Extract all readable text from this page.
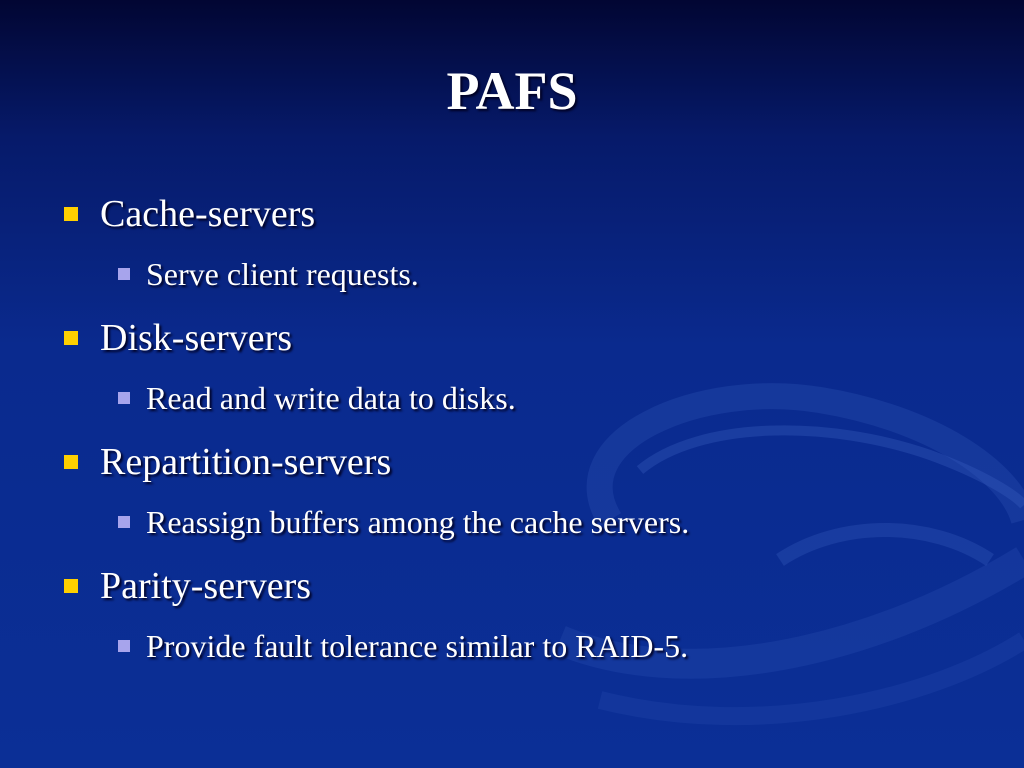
PAFS
Cache-servers
Serve client requests.
Disk-servers
Read and write data to disks.
Repartition-servers
Reassign buffers among the cache servers.
Parity-servers
Provide fault tolerance similar to RAID-5.
